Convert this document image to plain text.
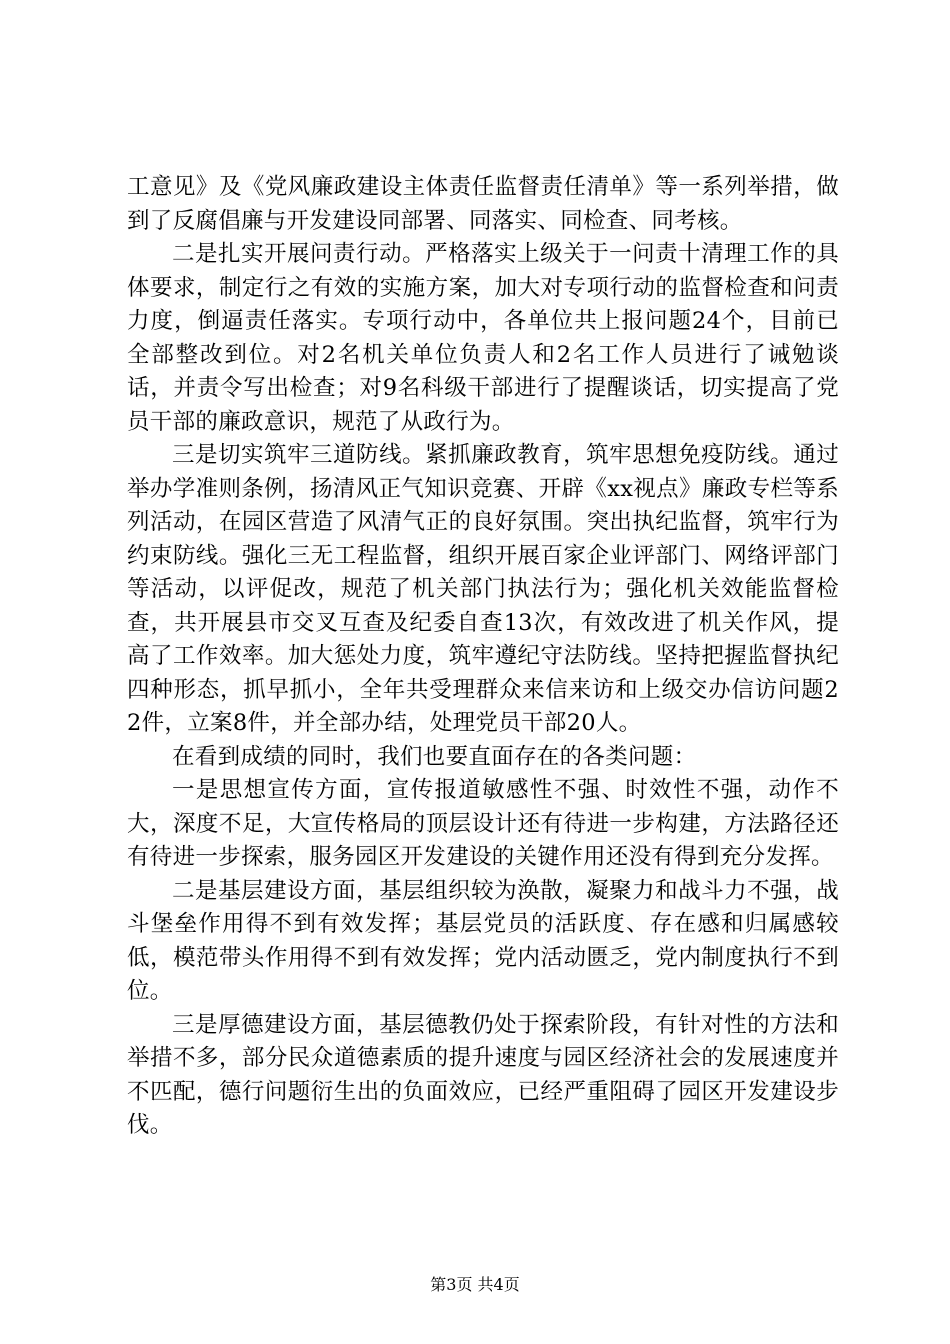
工意见》及《党风廉政建设主体责任监督责任清单》等一系列举措，做到了反腐倡廉与开发建设同部署、同落实、同检查、同考核。

二是扎实开展问责行动。严格落实上级关于一问责十清理工作的具体要求，制定行之有效的实施方案，加大对专项行动的监督检查和问责力度，倒逼责任落实。专项行动中，各单位共上报问题24个，目前已全部整改到位。对2名机关单位负责人和2名工作人员进行了诫勉谈话，并责令写出检查；对9名科级干部进行了提醒谈话，切实提高了党员干部的廉政意识，规范了从政行为。

三是切实筑牢三道防线。紧抓廉政教育，筑牢思想免疫防线。通过举办学准则条例，扬清风正气知识竞赛、开辟《xx视点》廉政专栏等系列活动，在园区营造了风清气正的良好氛围。突出执纪监督，筑牢行为约束防线。强化三无工程监督，组织开展百家企业评部门、网络评部门等活动，以评促改，规范了机关部门执法行为；强化机关效能监督检查，共开展县市交叉互查及纪委自查13次，有效改进了机关作风，提高了工作效率。加大惩处力度，筑牢遵纪守法防线。坚持把握监督执纪四种形态，抓早抓小，全年共受理群众来信来访和上级交办信访问题22件，立案8件，并全部办结，处理党员干部20人。

在看到成绩的同时，我们也要直面存在的各类问题：

一是思想宣传方面，宣传报道敏感性不强、时效性不强，动作不大，深度不足，大宣传格局的顶层设计还有待进一步构建，方法路径还有待进一步探索，服务园区开发建设的关键作用还没有得到充分发挥。

二是基层建设方面，基层组织较为涣散，凝聚力和战斗力不强，战斗堡垒作用得不到有效发挥；基层党员的活跃度、存在感和归属感较低，模范带头作用得不到有效发挥；党内活动匮乏，党内制度执行不到位。

三是厚德建设方面，基层德教仍处于探索阶段，有针对性的方法和举措不多，部分民众道德素质的提升速度与园区经济社会的发展速度并不匹配，德行问题衍生出的负面效应，已经严重阻碍了园区开发建设步伐。

第3页 共4页
